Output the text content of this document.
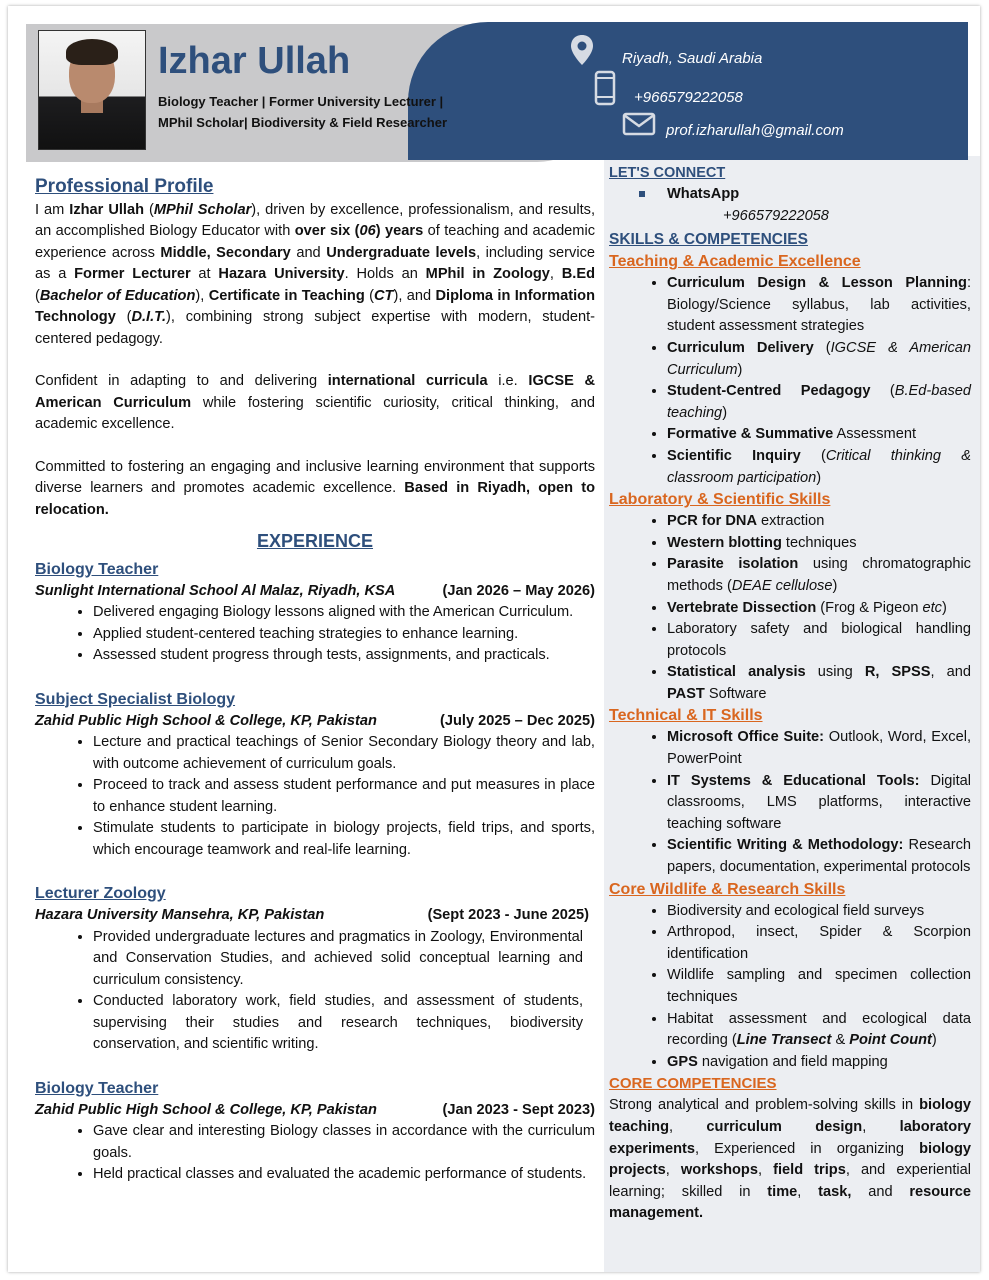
Izhar Ullah
Biology Teacher | Former University Lecturer |
MPhil Scholar| Biodiversity & Field Researcher
Riyadh, Saudi Arabia
+966579222058
prof.izharullah@gmail.com
Professional Profile

I am Izhar Ullah (MPhil Scholar), driven by excellence, professionalism, and results, an accomplished Biology Educator with over six (06) years of teaching and academic experience across Middle, Secondary and Undergraduate levels, including service as a Former Lecturer at Hazara University. Holds an MPhil in Zoology, B.Ed (Bachelor of Education), Certificate in Teaching (CT), and Diploma in Information Technology (D.I.T.), combining strong subject expertise with modern, student-centered pedagogy.

Confident in adapting to and delivering international curricula i.e. IGCSE & American Curriculum while fostering scientific curiosity, critical thinking, and academic excellence.

Committed to fostering an engaging and inclusive learning environment that supports diverse learners and promotes academic excellence. Based in Riyadh, open to relocation.

EXPERIENCE
Biology Teacher
Sunlight International School Al Malaz, Riyadh, KSA	(Jan 2026 – May 2026)
• Delivered engaging Biology lessons aligned with the American Curriculum.
• Applied student-centered teaching strategies to enhance learning.
• Assessed student progress through tests, assignments, and practicals.
Subject Specialist Biology
Zahid Public High School & College, KP, Pakistan	(July 2025 – Dec 2025)
• Lecture and practical teachings of Senior Secondary Biology theory and lab, with outcome achievement of curriculum goals.
• Proceed to track and assess student performance and put measures in place to enhance student learning.
• Stimulate students to participate in biology projects, field trips, and sports, which encourage teamwork and real-life learning.
Lecturer Zoology
Hazara University Mansehra, KP, Pakistan	(Sept 2023 - June 2025)
• Provided undergraduate lectures and pragmatics in Zoology, Environmental and Conservation Studies, and achieved solid conceptual learning and curriculum consistency.
• Conducted laboratory work, field studies, and assessment of students, supervising their studies and research techniques, biodiversity conservation, and scientific writing.
Biology Teacher
Zahid Public High School & College, KP, Pakistan	(Jan 2023 - Sept 2023)
• Gave clear and interesting Biology classes in accordance with the curriculum goals.
• Held practical classes and evaluated the academic performance of students.
LET'S CONNECT
WhatsApp
+966579222058
SKILLS & COMPETENCIES
Teaching & Academic Excellence
• Curriculum Design & Lesson Planning: Biology/Science syllabus, lab activities, student assessment strategies
• Curriculum Delivery (IGCSE & American Curriculum)
• Student-Centred Pedagogy (B.Ed-based teaching)
• Formative & Summative Assessment
• Scientific Inquiry (Critical thinking & classroom participation)
Laboratory & Scientific Skills
• PCR for DNA extraction
• Western blotting techniques
• Parasite isolation using chromatographic methods (DEAE cellulose)
• Vertebrate Dissection (Frog & Pigeon etc)
• Laboratory safety and biological handling protocols
• Statistical analysis using R, SPSS, and PAST Software
Technical & IT Skills
• Microsoft Office Suite: Outlook, Word, Excel, PowerPoint
• IT Systems & Educational Tools: Digital classrooms, LMS platforms, interactive teaching software
• Scientific Writing & Methodology: Research papers, documentation, experimental protocols
Core Wildlife & Research Skills
• Biodiversity and ecological field surveys
• Arthropod, insect, Spider & Scorpion identification
• Wildlife sampling and specimen collection techniques
• Habitat assessment and ecological data recording (Line Transect & Point Count)
• GPS navigation and field mapping
CORE COMPETENCIES

Strong analytical and problem-solving skills in biology teaching, curriculum design, laboratory experiments, Experienced in organizing biology projects, workshops, field trips, and experiential learning; skilled in time, task, and resource management.
